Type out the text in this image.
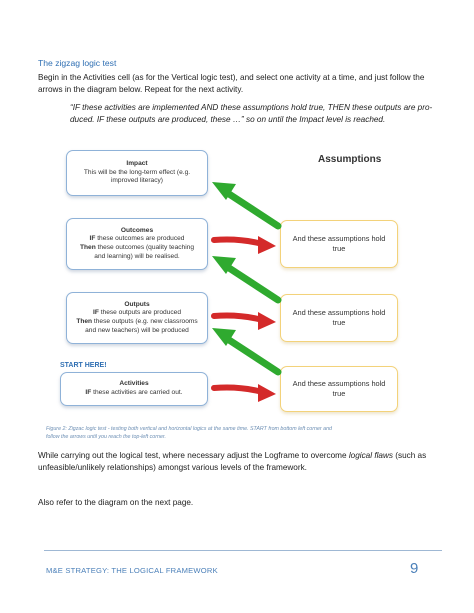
The zigzag logic test
Begin in the Activities cell (as for the Vertical logic test), and select one activity at a time, and just follow the
arrows in the diagram below. Repeat for the next activity.
“IF these activities are implemented AND these assumptions hold true, THEN these outputs are pro-
duced. IF these outputs are produced, these …” so on until the Impact level is reached.
Assumptions
Impact
This will be the long-term effect (e.g.
improved literacy)
Outcomes
IF these outcomes are produced
Then these outcomes (quality teaching
and learning) will be realised.
Outputs
IF these outputs are produced
Then these outputs (e.g. new classrooms
and new teachers) will be produced
START HERE!
Activities
IF these activities are carried out.
And these assumptions hold
true
And these assumptions hold
true
And these assumptions hold
true
Figure 2: Zigzac logic test - testing both vertical and horizontal logics at the same time. START from bottom left corner and
follow the arrows until you reach the top-left corner.
While carrying out the logical test, where necessary adjust the Logframe to overcome logical flaws (such as
unfeasible/unlikely relationships) amongst various levels of the framework.
Also refer to the diagram on the next page.
M&E STRATEGY: THE LOGICAL FRAMEWORK	9
